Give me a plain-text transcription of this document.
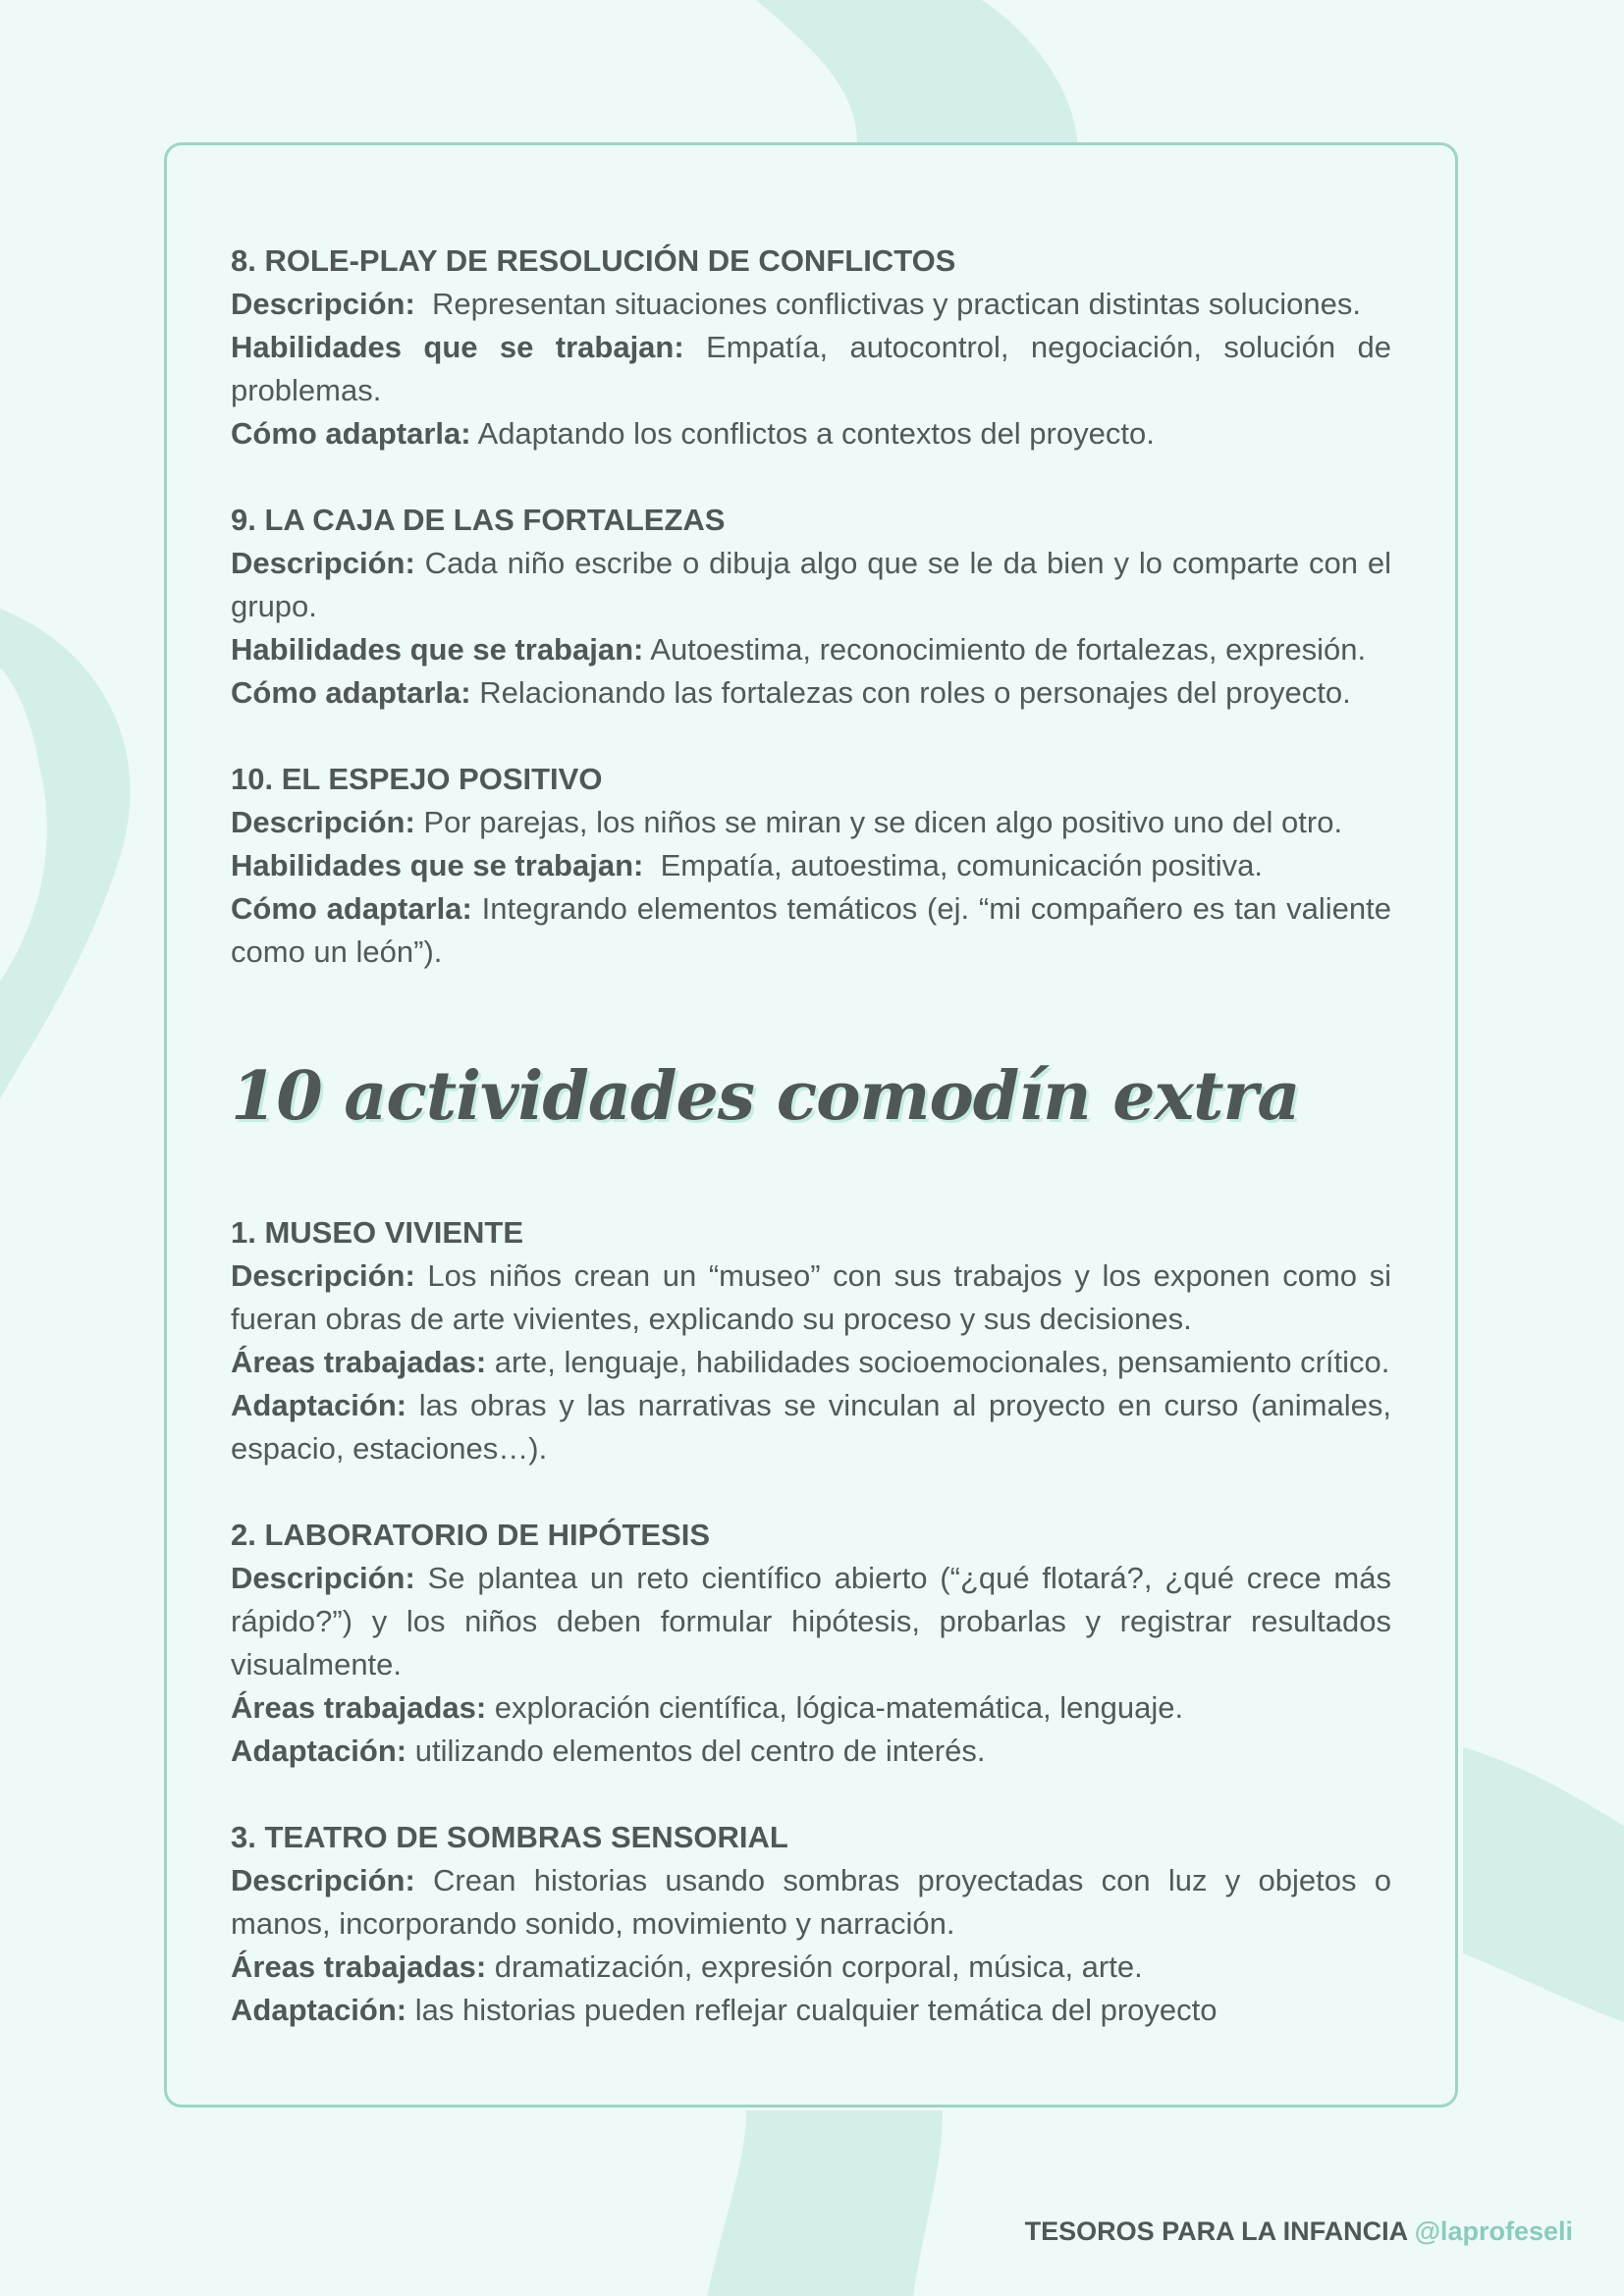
8. ROLE-PLAY DE RESOLUCIÓN DE CONFLICTOS

Descripción:  Representan situaciones conflictivas y practican distintas soluciones.

Habilidades que se trabajan: Empatía, autocontrol, negociación, solución de problemas.

Cómo adaptarla: Adaptando los conflictos a contextos del proyecto.

9. LA CAJA DE LAS FORTALEZAS

Descripción: Cada niño escribe o dibuja algo que se le da bien y lo comparte con el grupo.

Habilidades que se trabajan: Autoestima, reconocimiento de fortalezas, expresión.

Cómo adaptarla: Relacionando las fortalezas con roles o personajes del proyecto.

10. EL ESPEJO POSITIVO

Descripción: Por parejas, los niños se miran y se dicen algo positivo uno del otro.

Habilidades que se trabajan:  Empatía, autoestima, comunicación positiva.

Cómo adaptarla: Integrando elementos temáticos (ej. “mi compañero es tan valiente como un león”).

10 actividades comodín extra

1. MUSEO VIVIENTE

Descripción: Los niños crean un “museo” con sus trabajos y los exponen como si fueran obras de arte vivientes, explicando su proceso y sus decisiones.

Áreas trabajadas: arte, lenguaje, habilidades socioemocionales, pensamiento crítico.

Adaptación: las obras y las narrativas se vinculan al proyecto en curso (animales, espacio, estaciones…).

2. LABORATORIO DE HIPÓTESIS

Descripción: Se plantea un reto científico abierto (“¿qué flotará?, ¿qué crece más rápido?”) y los niños deben formular hipótesis, probarlas y registrar resultados visualmente.

Áreas trabajadas: exploración científica, lógica-matemática, lenguaje.

Adaptación: utilizando elementos del centro de interés.

3. TEATRO DE SOMBRAS SENSORIAL

Descripción: Crean historias usando sombras proyectadas con luz y objetos o manos, incorporando sonido, movimiento y narración.

Áreas trabajadas: dramatización, expresión corporal, música, arte.

Adaptación: las historias pueden reflejar cualquier temática del proyecto

TESOROS PARA LA INFANCIA @laprofeseli
